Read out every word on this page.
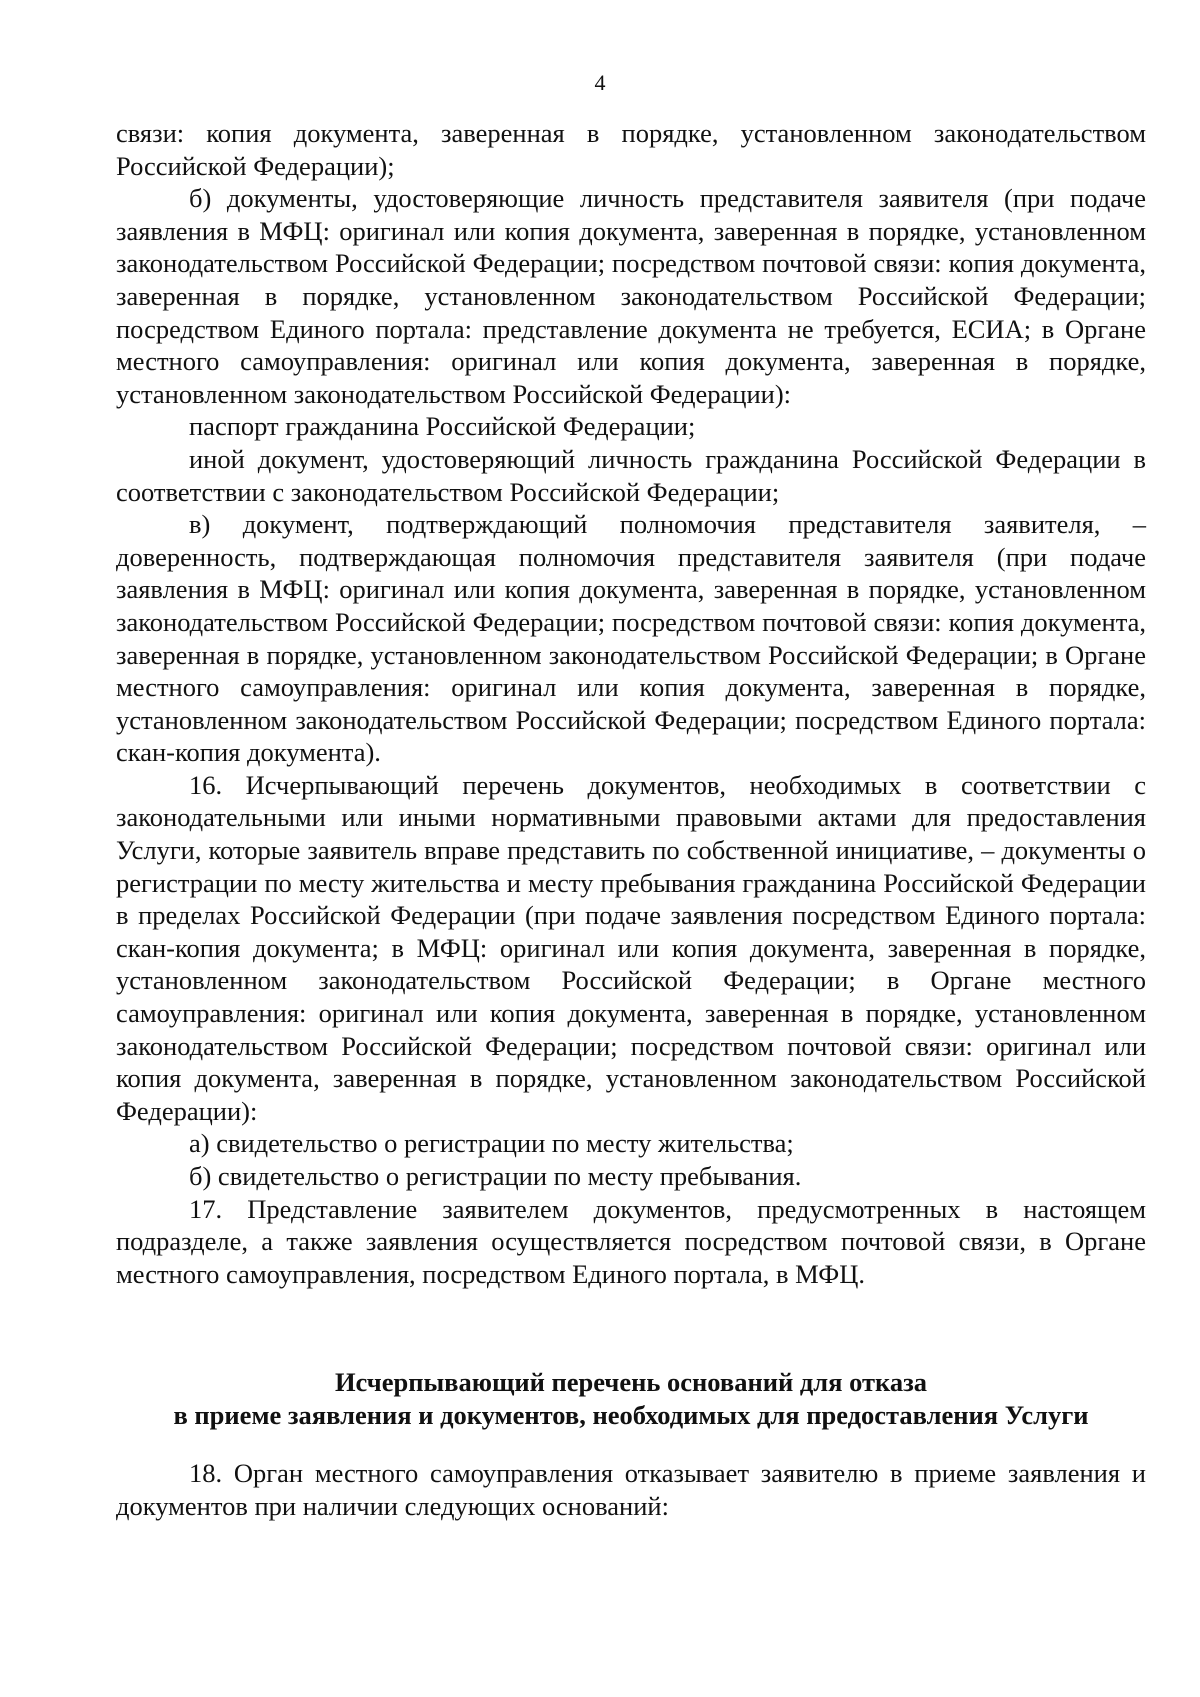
4

связи: копия документа, заверенная в порядке, установленном законодательством Российской Федерации);

б) документы, удостоверяющие личность представителя заявителя (при подаче заявления в МФЦ: оригинал или копия документа, заверенная в порядке, установленном законодательством Российской Федерации; посредством почтовой связи: копия документа, заверенная в порядке, установленном законодательством Российской Федерации; посредством Единого портала: представление документа не требуется, ЕСИА; в Органе местного самоуправления: оригинал или копия документа, заверенная в порядке, установленном законодательством Российской Федерации):

паспорт гражданина Российской Федерации;

иной документ, удостоверяющий личность гражданина Российской Федерации в соответствии с законодательством Российской Федерации;

в) документ, подтверждающий полномочия представителя заявителя, – доверенность, подтверждающая полномочия представителя заявителя (при подаче заявления в МФЦ: оригинал или копия документа, заверенная в порядке, установленном законодательством Российской Федерации; посредством почтовой связи: копия документа, заверенная в порядке, установленном законодательством Российской Федерации; в Органе местного самоуправления: оригинал или копия документа, заверенная в порядке, установленном законодательством Российской Федерации; посредством Единого портала: скан-копия документа).

16. Исчерпывающий перечень документов, необходимых в соответствии с законодательными или иными нормативными правовыми актами для предоставления Услуги, которые заявитель вправе представить по собственной инициативе, – документы о регистрации по месту жительства и месту пребывания гражданина Российской Федерации в пределах Российской Федерации (при подаче заявления посредством Единого портала: скан-копия документа; в МФЦ: оригинал или копия документа, заверенная в порядке, установленном законодательством Российской Федерации; в Органе местного самоуправления: оригинал или копия документа, заверенная в порядке, установленном законодательством Российской Федерации; посредством почтовой связи: оригинал или копия документа, заверенная в порядке, установленном законодательством Российской Федерации):

а) свидетельство о регистрации по месту жительства;

б) свидетельство о регистрации по месту пребывания.

17. Представление заявителем документов, предусмотренных в настоящем подразделе, а также заявления осуществляется посредством почтовой связи, в Органе местного самоуправления, посредством Единого портала, в МФЦ.

Исчерпывающий перечень оснований для отказа
в приеме заявления и документов, необходимых для предоставления Услуги

18. Орган местного самоуправления отказывает заявителю в приеме заявления и документов при наличии следующих оснований:
